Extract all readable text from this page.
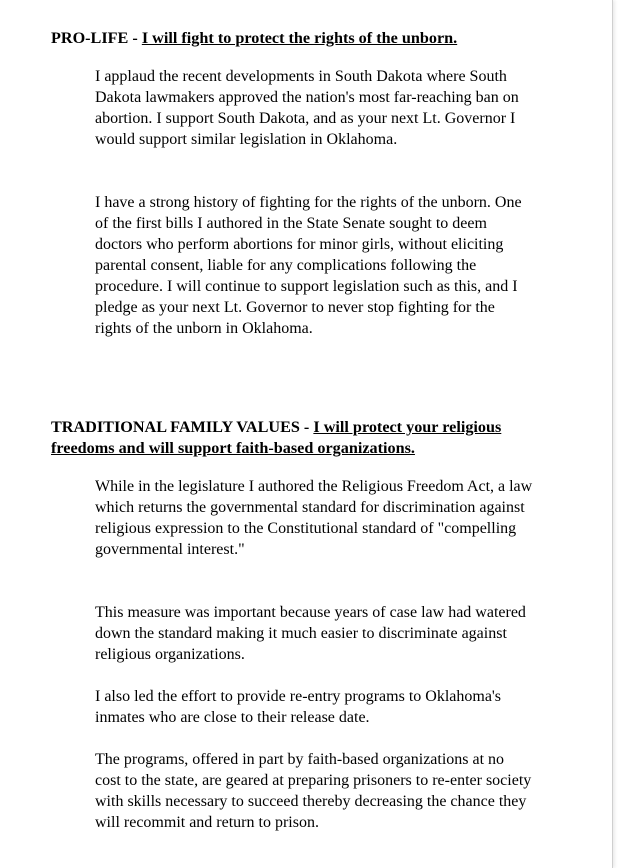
PRO-LIFE - I will fight to protect the rights of the unborn.

I applaud the recent developments in South Dakota where South Dakota lawmakers approved the nation's most far-reaching ban on abortion. I support South Dakota, and as your next Lt. Governor I would support similar legislation in Oklahoma.

I have a strong history of fighting for the rights of the unborn. One of the first bills I authored in the State Senate sought to deem doctors who perform abortions for minor girls, without eliciting parental consent, liable for any complications following the procedure. I will continue to support legislation such as this, and I pledge as your next Lt. Governor to never stop fighting for the rights of the unborn in Oklahoma.

TRADITIONAL FAMILY VALUES - I will protect your religious freedoms and will support faith-based organizations.

While in the legislature I authored the Religious Freedom Act, a law which returns the governmental standard for discrimination against religious expression to the Constitutional standard of "compelling governmental interest."

This measure was important because years of case law had watered down the standard making it much easier to discriminate against religious organizations.

I also led the effort to provide re-entry programs to Oklahoma's inmates who are close to their release date.

The programs, offered in part by faith-based organizations at no cost to the state, are geared at preparing prisoners to re-enter society with skills necessary to succeed thereby decreasing the chance they will recommit and return to prison.
